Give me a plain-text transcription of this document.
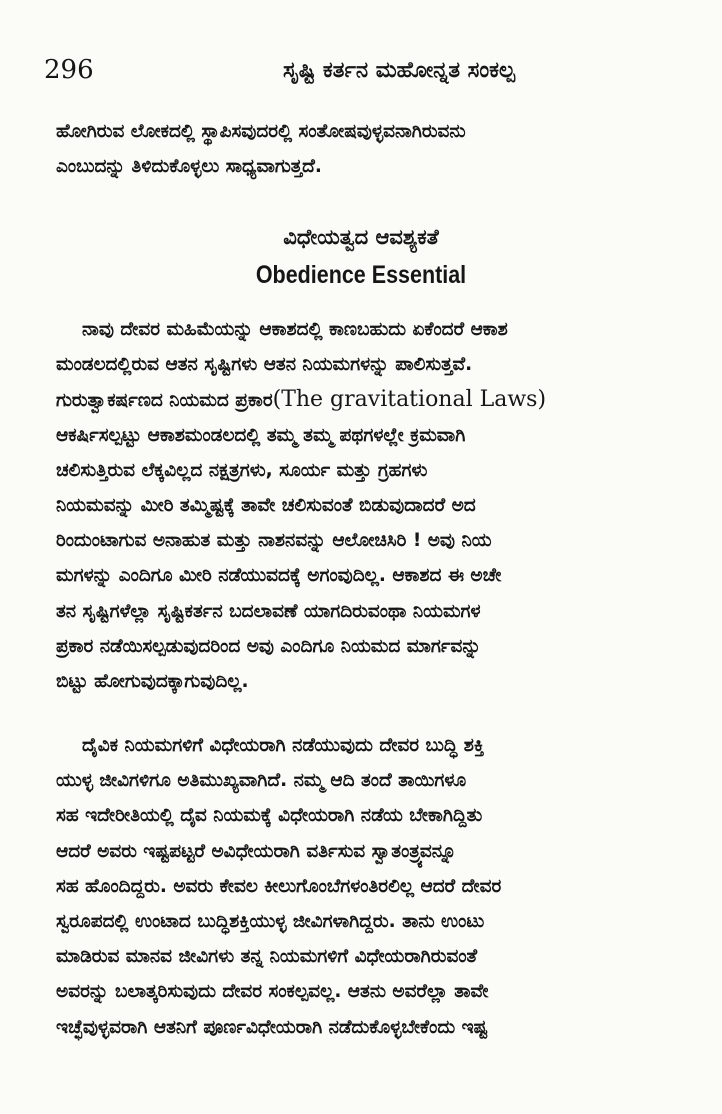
296	ಸೃಷ್ಟಿ ಕರ್ತನ ಮಹೋನ್ನತ ಸಂಕಲ್ಪ
ಹೋಗಿರುವ ಲೋಕದಲ್ಲಿ ಸ್ಥಾಪಿಸವುದರಲ್ಲಿ ಸಂತೋಷವುಳ್ಳವನಾಗಿರುವನು
ಎಂಬುದನ್ನು ತಿಳಿದುಕೊಳ್ಳಲು ಸಾಧ್ಯವಾಗುತ್ತದೆ.
ವಿಧೇಯತ್ವದ ಆವಶ್ಯಕತೆ
Obedience Essential
ನಾವು ದೇವರ ಮಹಿಮೆಯನ್ನು ಆಕಾಶದಲ್ಲಿ ಕಾಣಬಹುದು ಏಕೆಂದರೆ ಆಕಾಶ
ಮಂಡಲದಲ್ಲಿರುವ ಆತನ ಸೃಷ್ಟಿಗಳು ಆತನ ನಿಯಮಗಳನ್ನು ಪಾಲಿಸುತ್ತವೆ.
ಗುರುತ್ವಾಕರ್ಷಣದ ನಿಯಮದ ಪ್ರಕಾರ(The gravitational Laws)
ಆಕರ್ಷಿಸಲ್ಪಟ್ಟು ಆಕಾಶಮಂಡಲದಲ್ಲಿ ತಮ್ಮ ತಮ್ಮ ಪಥಗಳಲ್ಲೇ ಕ್ರಮವಾಗಿ
ಚಲಿಸುತ್ತಿರುವ ಲೆಕ್ಕವಿಲ್ಲದ ನಕ್ಷತ್ರಗಳು, ಸೂರ್ಯ ಮತ್ತು ಗ್ರಹಗಳು
ನಿಯಮವನ್ನು ಮೀರಿ ತಮ್ಮಿಷ್ಟಕ್ಕೆ ತಾವೇ ಚಲಿಸುವಂತೆ ಬಿಡುವುದಾದರೆ ಅದ
ರಿಂದುಂಟಾಗುವ ಅನಾಹುತ ಮತ್ತು ನಾಶನವನ್ನು ಆಲೋಚಿಸಿರಿ ! ಅವು ನಿಯ
ಮಗಳನ್ನು ಎಂದಿಗೂ ಮೀರಿ ನಡೆಯುವದಕ್ಕೆ ಅಗಂವುದಿಲ್ಲ. ಆಕಾಶದ ಈ ಅಚೇ
ತನ ಸೃಷ್ಟಿಗಳೆಲ್ಲಾ ಸೃಷ್ಟಿಕರ್ತನ ಬದಲಾವಣೆ ಯಾಗದಿರುವಂಥಾ ನಿಯಮಗಳ
ಪ್ರಕಾರ ನಡೆಯಿಸಲ್ಪಡುವುದರಿಂದ ಅವು ಎಂದಿಗೂ ನಿಯಮದ ಮಾರ್ಗವನ್ನು
ಬಿಟ್ಟು ಹೋಗುವುದಕ್ಕಾಗುವುದಿಲ್ಲ.
ದೈವಿಕ ನಿಯಮಗಳಿಗೆ ವಿಧೇಯರಾಗಿ ನಡೆಯುವುದು ದೇವರ ಬುದ್ಧಿ ಶಕ್ತಿ
ಯುಳ್ಳ ಜೀವಿಗಳಿಗೂ ಅತಿಮುಖ್ಯವಾಗಿದೆ. ನಮ್ಮ ಆದಿ ತಂದೆ ತಾಯಿಗಳೂ
ಸಹ ಇದೇರೀತಿಯಲ್ಲಿ ದೈವ ನಿಯಮಕ್ಕೆ ವಿಧೇಯರಾಗಿ ನಡೆಯ ಬೇಕಾಗಿದ್ದಿತು
ಆದರೆ ಅವರು ಇಷ್ಟಪಟ್ಟರೆ ಅವಿಧೇಯರಾಗಿ ವರ್ತಿಸುವ ಸ್ವಾತಂತ್ರ್ಯವನ್ನೂ
ಸಹ ಹೊಂದಿದ್ದರು. ಅವರು ಕೇವಲ ಕೀಲುಗೊಂಬೆಗಳಂತಿರಲಿಲ್ಲ ಆದರೆ ದೇವರ
ಸ್ವರೂಪದಲ್ಲಿ ಉಂಟಾದ ಬುದ್ಧಿಶಕ್ತಿಯುಳ್ಳ ಜೀವಿಗಳಾಗಿದ್ದರು. ತಾನು ಉಂಟು
ಮಾಡಿರುವ ಮಾನವ ಜೀವಿಗಳು ತನ್ನ ನಿಯಮಗಳಿಗೆ ವಿಧೇಯರಾಗಿರುವಂತೆ
ಅವರನ್ನು ಬಲಾತ್ಕರಿಸುವುದು ದೇವರ ಸಂಕಲ್ಪವಲ್ಲ. ಆತನು ಅವರೆಲ್ಲಾ ತಾವೇ
ಇಚ್ಛೆವುಳ್ಳವರಾಗಿ ಆತನಿಗೆ ಪೂರ್ಣವಿಧೇಯರಾಗಿ ನಡೆದುಕೊಳ್ಳಬೇಕೆಂದು ಇಷ್ಟ
